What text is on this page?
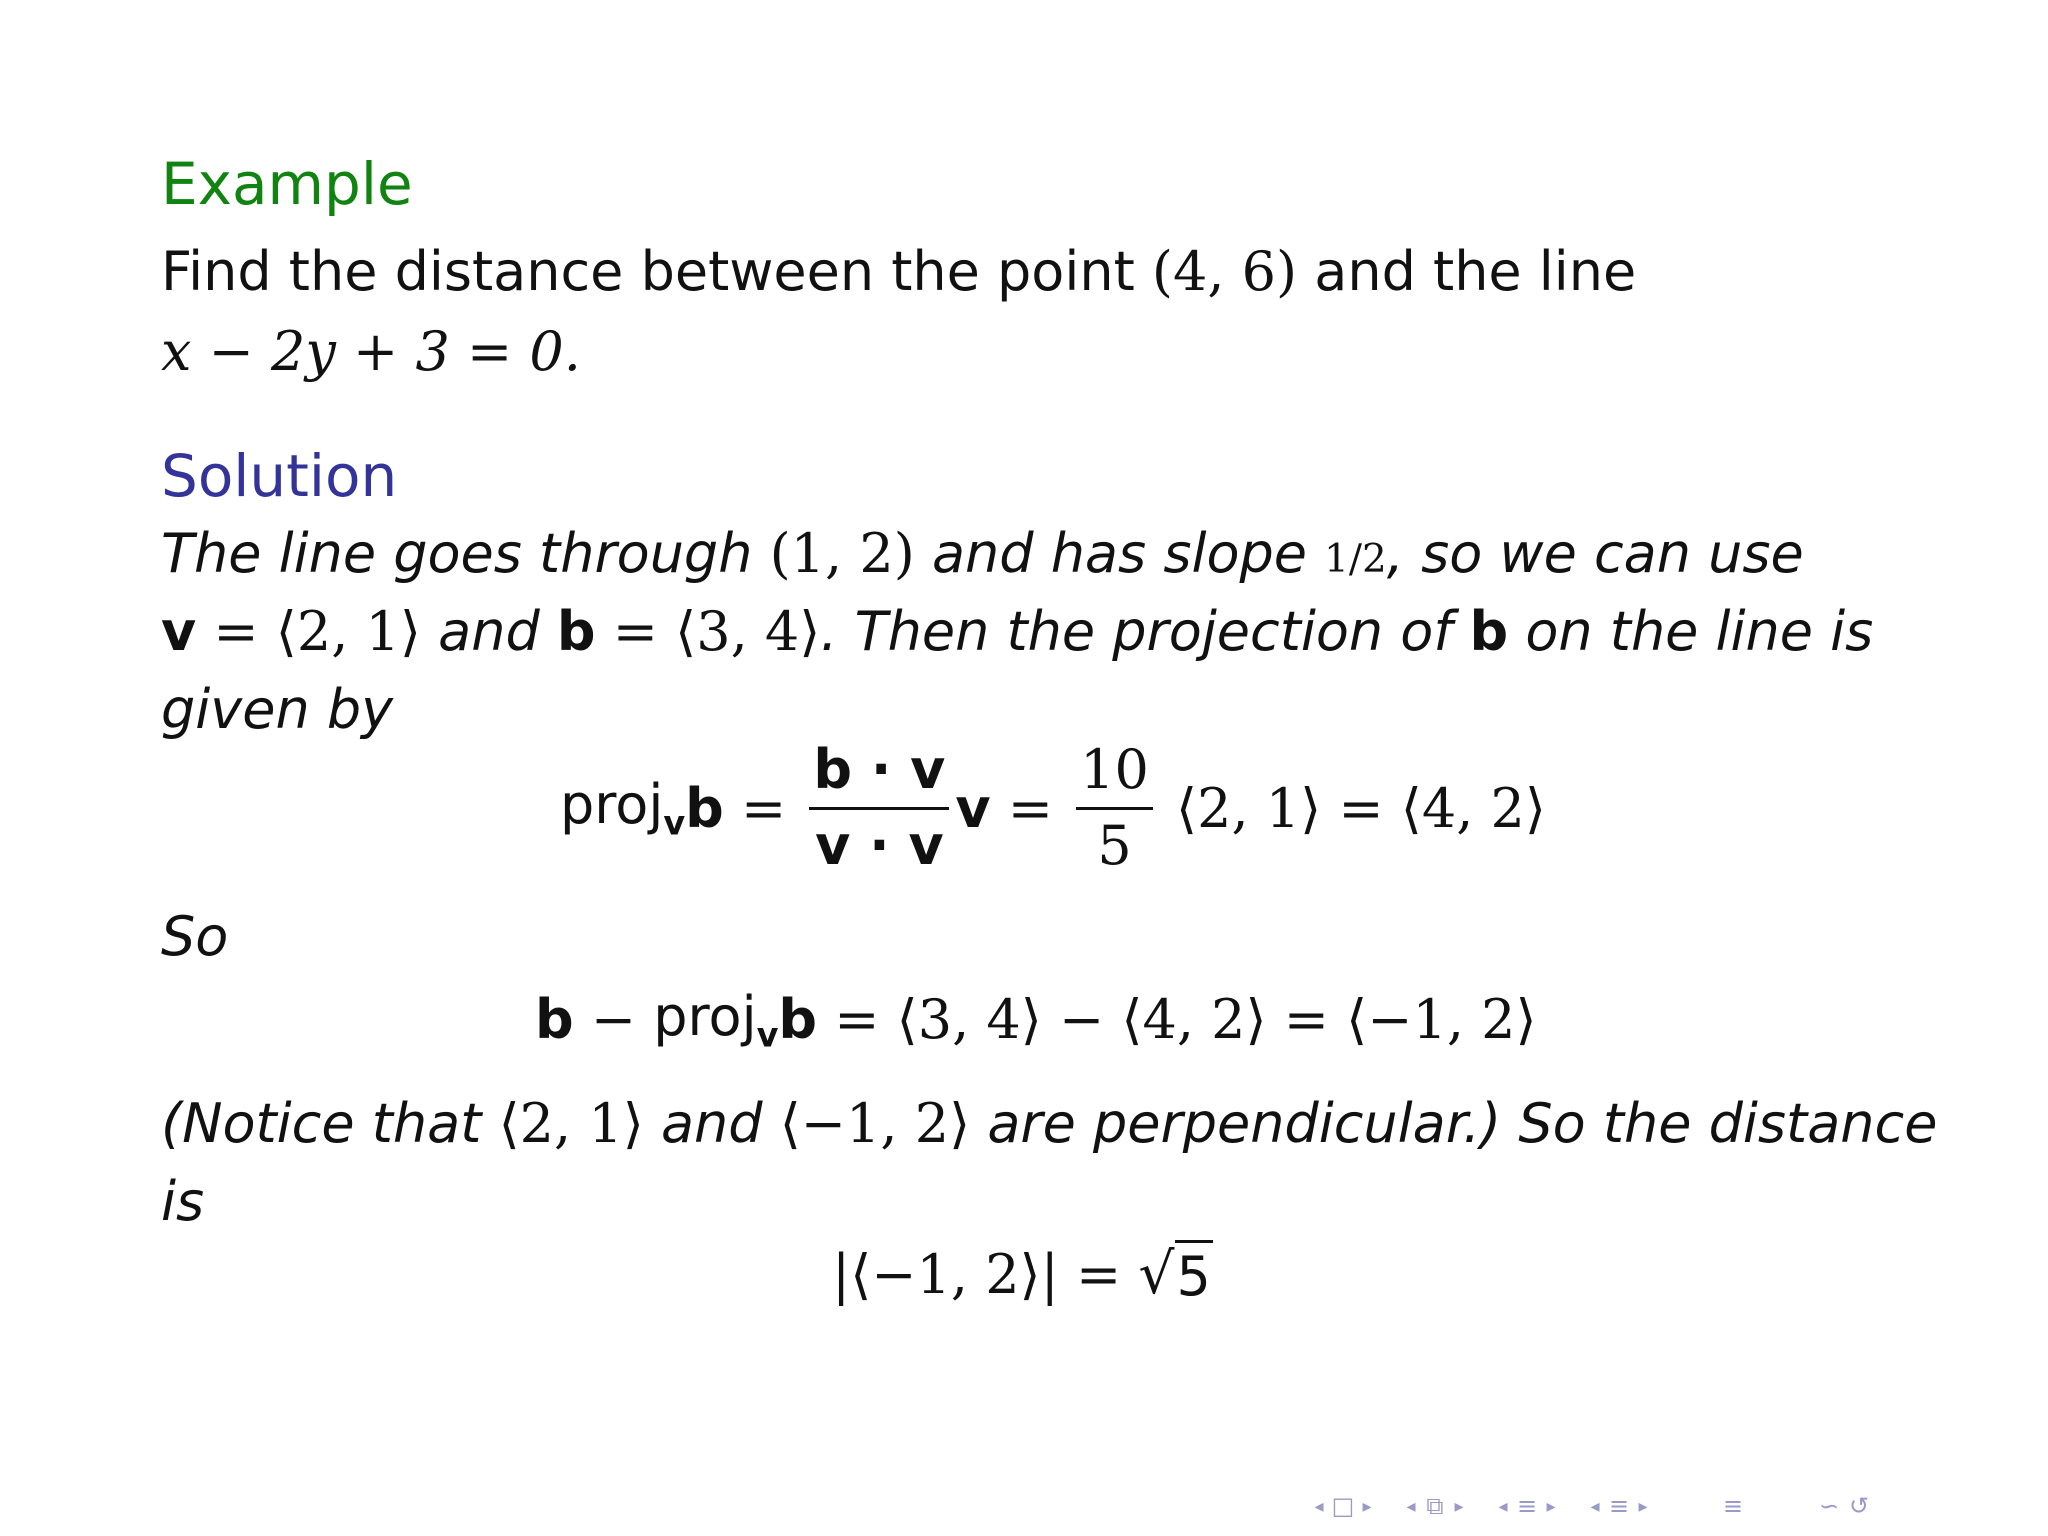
Example
Find the distance between the point (4, 6) and the line
x − 2y + 3 = 0.
Solution
The line goes through (1, 2) and has slope 1/2, so we can use
v = ⟨2, 1⟩ and b = ⟨3, 4⟩. Then the projection of b on the line is
given by
proj$_v$ $b = \frac{b \cdot v}{v \cdot v}$ $v = \frac{10}{5}$ ⟨2, 1⟩ = ⟨4, 2⟩
So
b − proj$_v$ b = ⟨3, 4⟩ − ⟨4, 2⟩ = ⟨−1, 2⟩
(Notice that ⟨2, 1⟩ and ⟨−1, 2⟩ are perpendicular.) So the distance
is
|⟨−1, 2⟩| = √ 5
◂ □ ▸ ◂ ⧉ ▸ ◂ ≡ ▸ ◂ ≡ ▸	≡	∽ ↺
